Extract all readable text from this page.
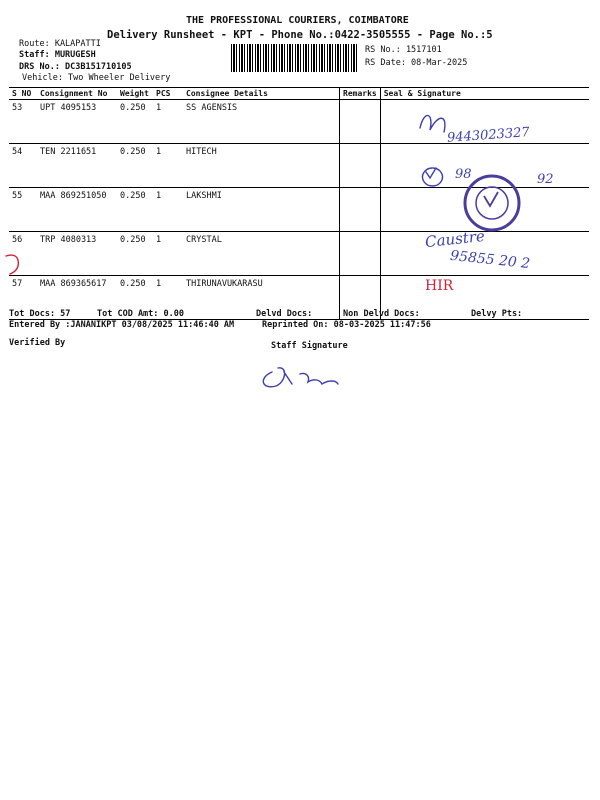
THE PROFESSIONAL COURIERS, COIMBATORE
Delivery Runsheet - KPT - Phone No.:0422-3505555 - Page No.:5
Route: KALAPATTI
Staff: MURUGESH
DRS No.: DC3B151710105
Vehicle: Two Wheeler Delivery
RS No.: 1517101
RS Date: 08-Mar-2025
S NO	Consignment No	Weight	PCS	Consignee Details	Remarks	Seal & Signature
53	UPT 4095153	0.250	1	SS AGENSIS		
54	TEN 2211651	0.250	1	HITECH		
55	MAA 869251050	0.250	1	LAKSHMI		
56	TRP 4080313	0.250	1	CRYSTAL		
57	MAA 869365617	0.250	1	THIRUNAVUKARASU		
9443023327
98	92
Caustre
95855 20 2
HIR
Tot Docs: 57	Tot COD Amt: 0.00	Delvd Docs:	Non Delvd Docs:	Delvy Pts:
Entered By :JANANIKPT 03/08/2025 11:46:40 AM	Reprinted On: 08-03-2025 11:47:56
Verified By	Staff Signature
